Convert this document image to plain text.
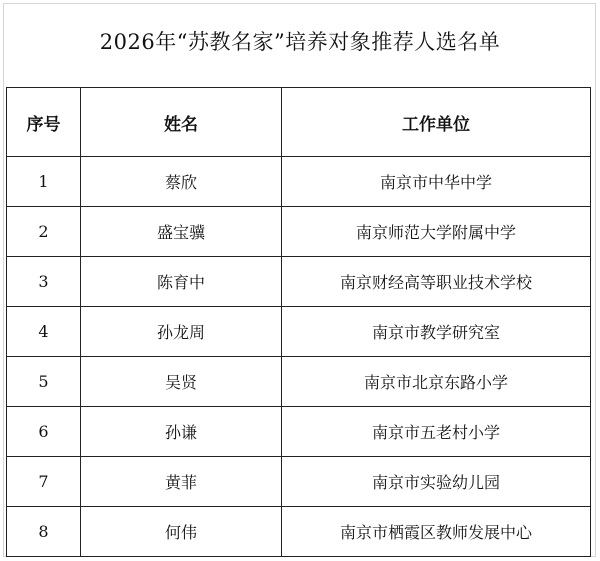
2026年“苏教名家”培养对象推荐人选名单
序号	姓名	工作单位
1	蔡欣	南京市中华中学
2	盛宝骥	南京师范大学附属中学
3	陈育中	南京财经高等职业技术学校
4	孙龙周	南京市教学研究室
5	吴贤	南京市北京东路小学
6	孙谦	南京市五老村小学
7	黄菲	南京市实验幼儿园
8	何伟	南京市栖霞区教师发展中心
